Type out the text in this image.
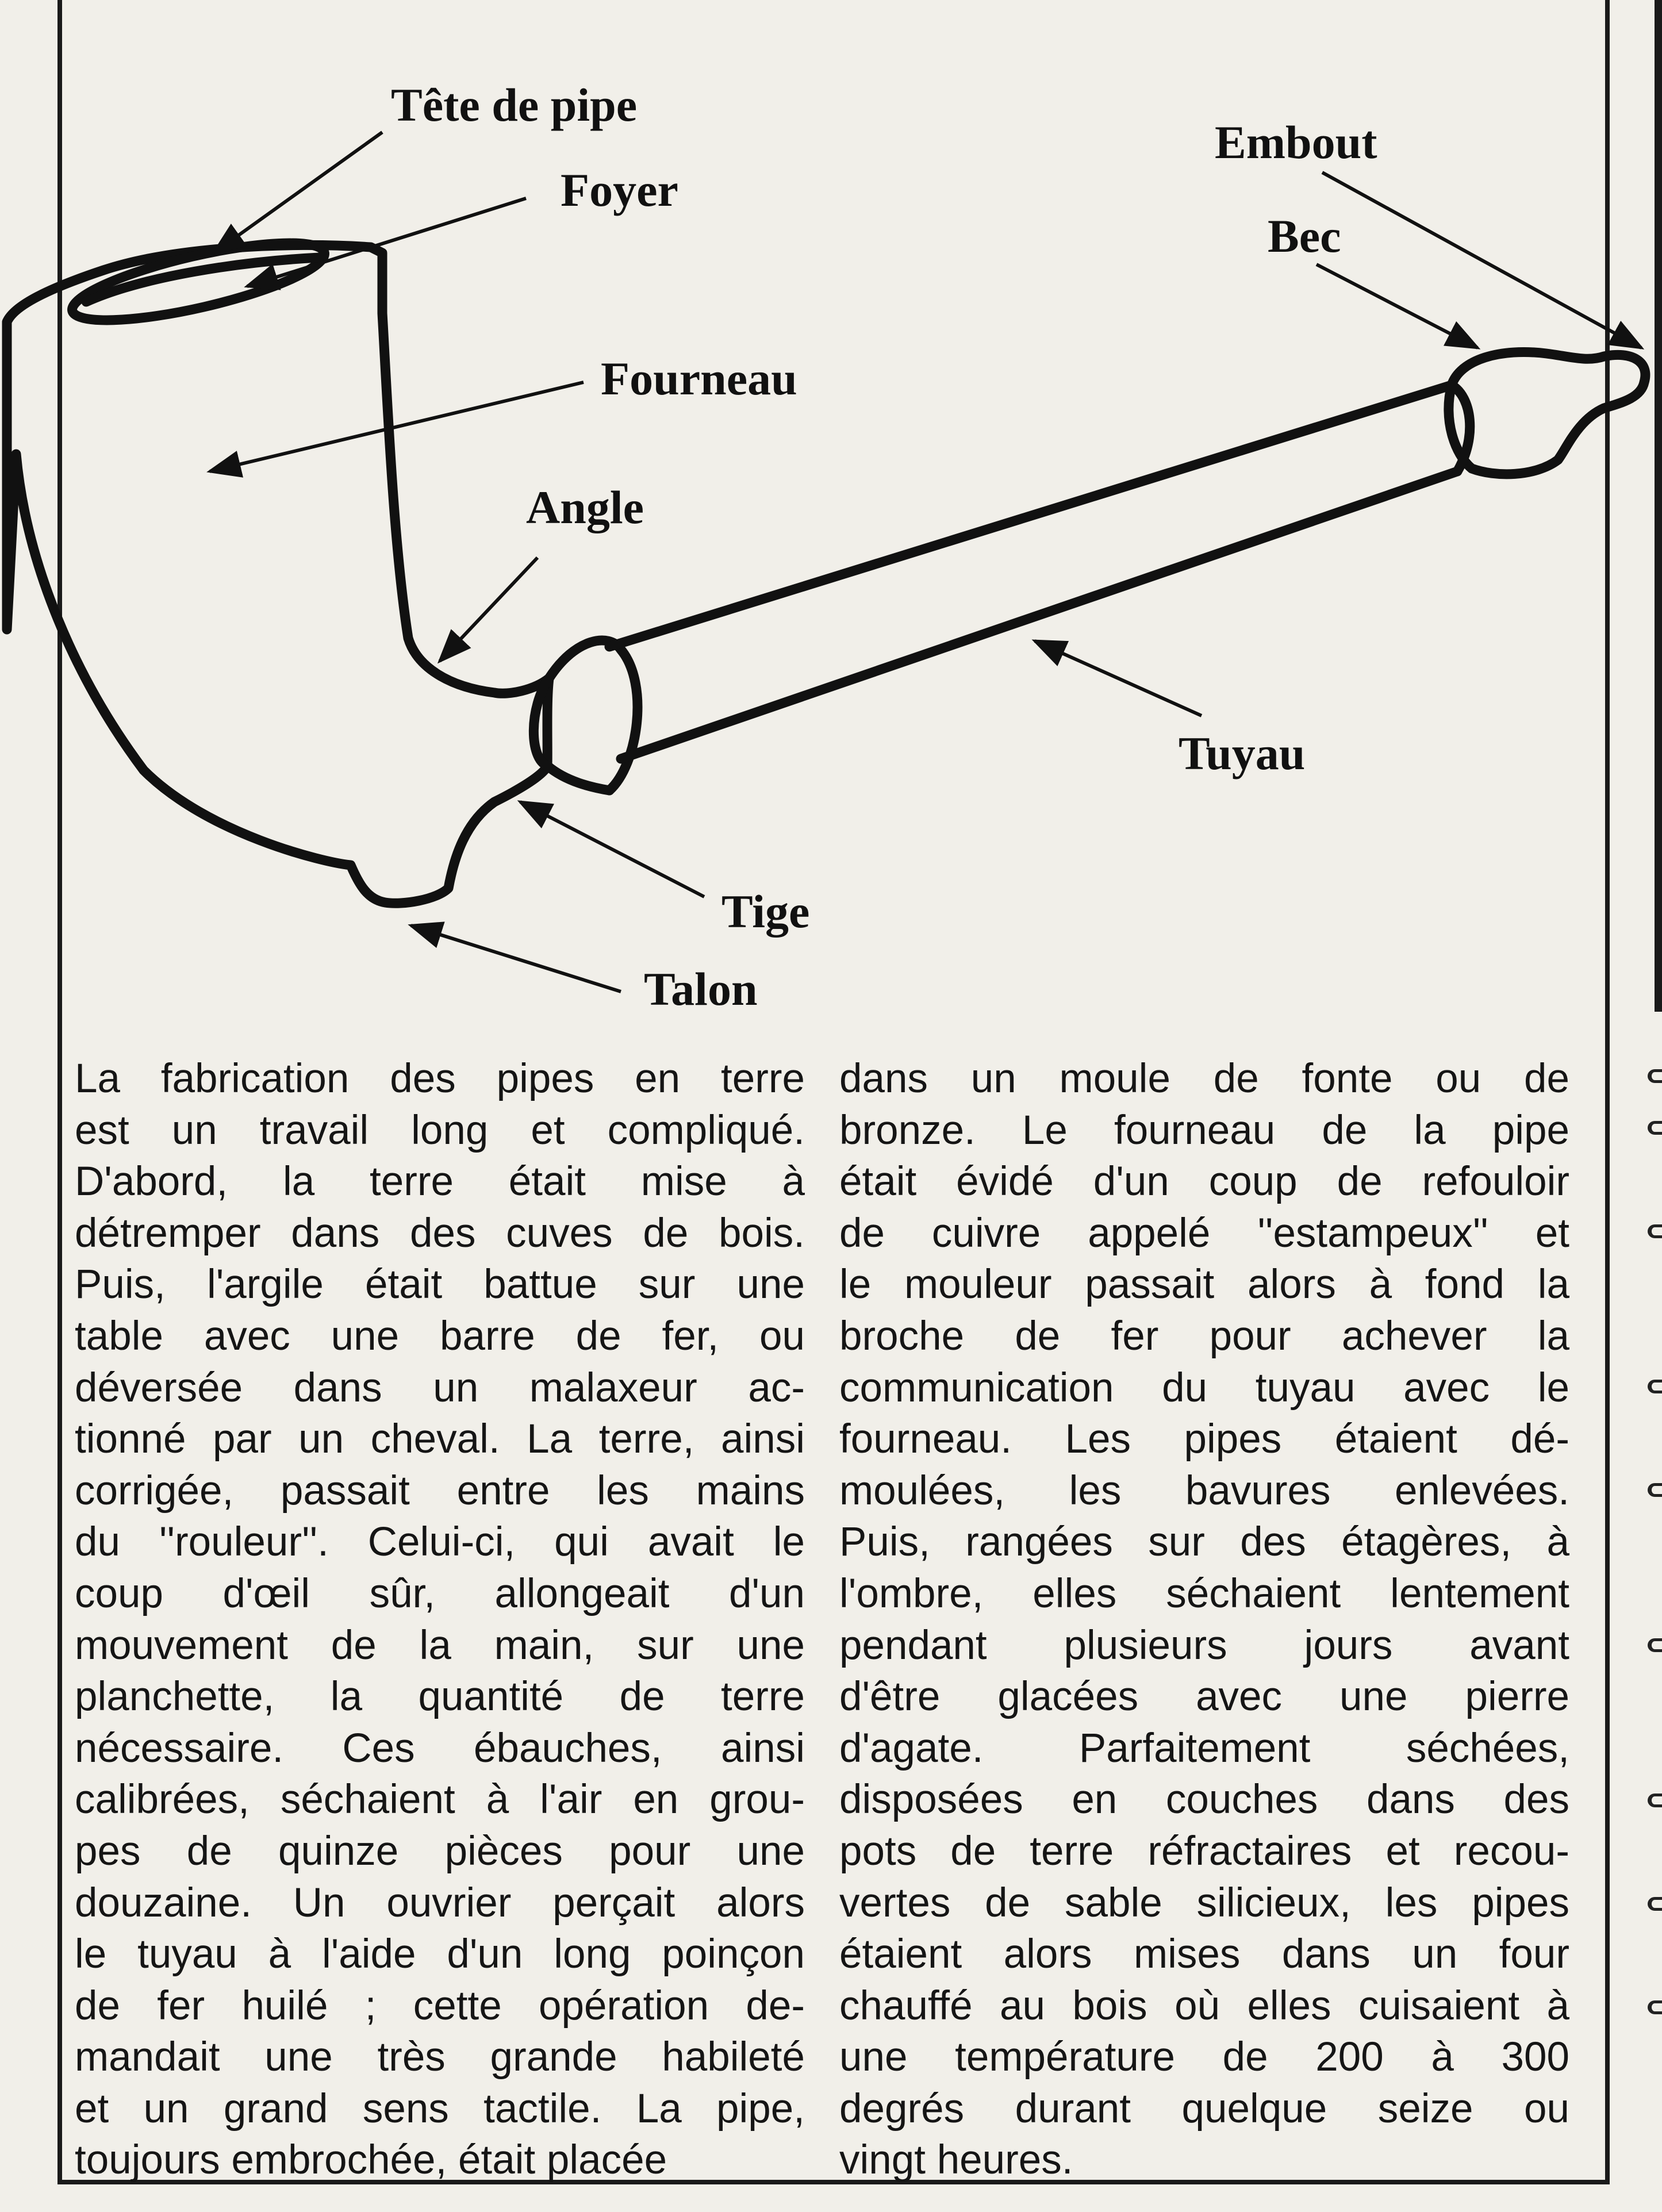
Tête de pipe
Foyer
Fourneau
Angle
Embout
Bec
Tuyau
Tige
Talon
La fabrication des pipes en terre
est un travail long et compliqué.
D'abord, la terre était mise à
détremper dans des cuves de bois.
Puis, l'argile était battue sur une
table avec une barre de fer, ou
déversée dans un malaxeur ac-
tionné par un cheval. La terre, ainsi
corrigée, passait entre les mains
du ''rouleur''. Celui-ci, qui avait le
coup d'œil sûr, allongeait d'un
mouvement de la main, sur une
planchette, la quantité de terre
nécessaire. Ces ébauches, ainsi
calibrées, séchaient à l'air en grou-
pes de quinze pièces pour une
douzaine. Un ouvrier perçait alors
le tuyau à l'aide d'un long poinçon
de fer huilé ; cette opération de-
mandait une très grande habileté
et un grand sens tactile. La pipe,
toujours embrochée, était placée
dans un moule de fonte ou de
bronze. Le fourneau de la pipe
était évidé d'un coup de refouloir
de cuivre appelé ''estampeux'' et
le mouleur passait alors à fond la
broche de fer pour achever la
communication du tuyau avec le
fourneau. Les pipes étaient dé-
moulées, les bavures enlevées.
Puis, rangées sur des étagères, à
l'ombre, elles séchaient lentement
pendant plusieurs jours avant
d'être glacées avec une pierre
d'agate. Parfaitement séchées,
disposées en couches dans des
pots de terre réfractaires et recou-
vertes de sable silicieux, les pipes
étaient alors mises dans un four
chauffé au bois où elles cuisaient à
une température de 200 à 300
degrés durant quelque seize ou
vingt heures.
